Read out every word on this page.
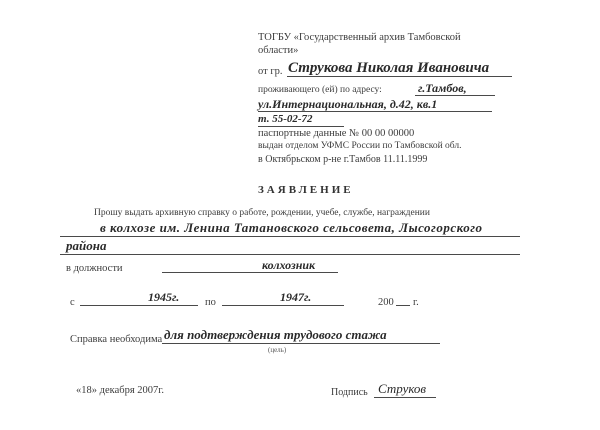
ТОГБУ «Государственный архив Тамбовской
области»
от гр. Струкова Николая Ивановича
проживающего (ей) по адресу:	г.Тамбов,
ул.Интернациональная, д.42, кв.1
т. 55-02-72
паспортные данные № 00 00 00000
выдан отделом УФМС России по Тамбовской обл.
в Октябрьском р-не г.Тамбов 11.11.1999
ЗАЯВЛЕНИЕ
Прошу выдать архивную справку о работе, рождении, учебе, службе, награждении
в колхозе им. Ленина Татановского сельсовета, Лысогорского
района
в должности	колхозник
с	1945г. по	1947г.	200 г.
Справка необходима для подтверждения трудового стажа
(цель)
«18» декабря 2007г.	Подпись Струков
